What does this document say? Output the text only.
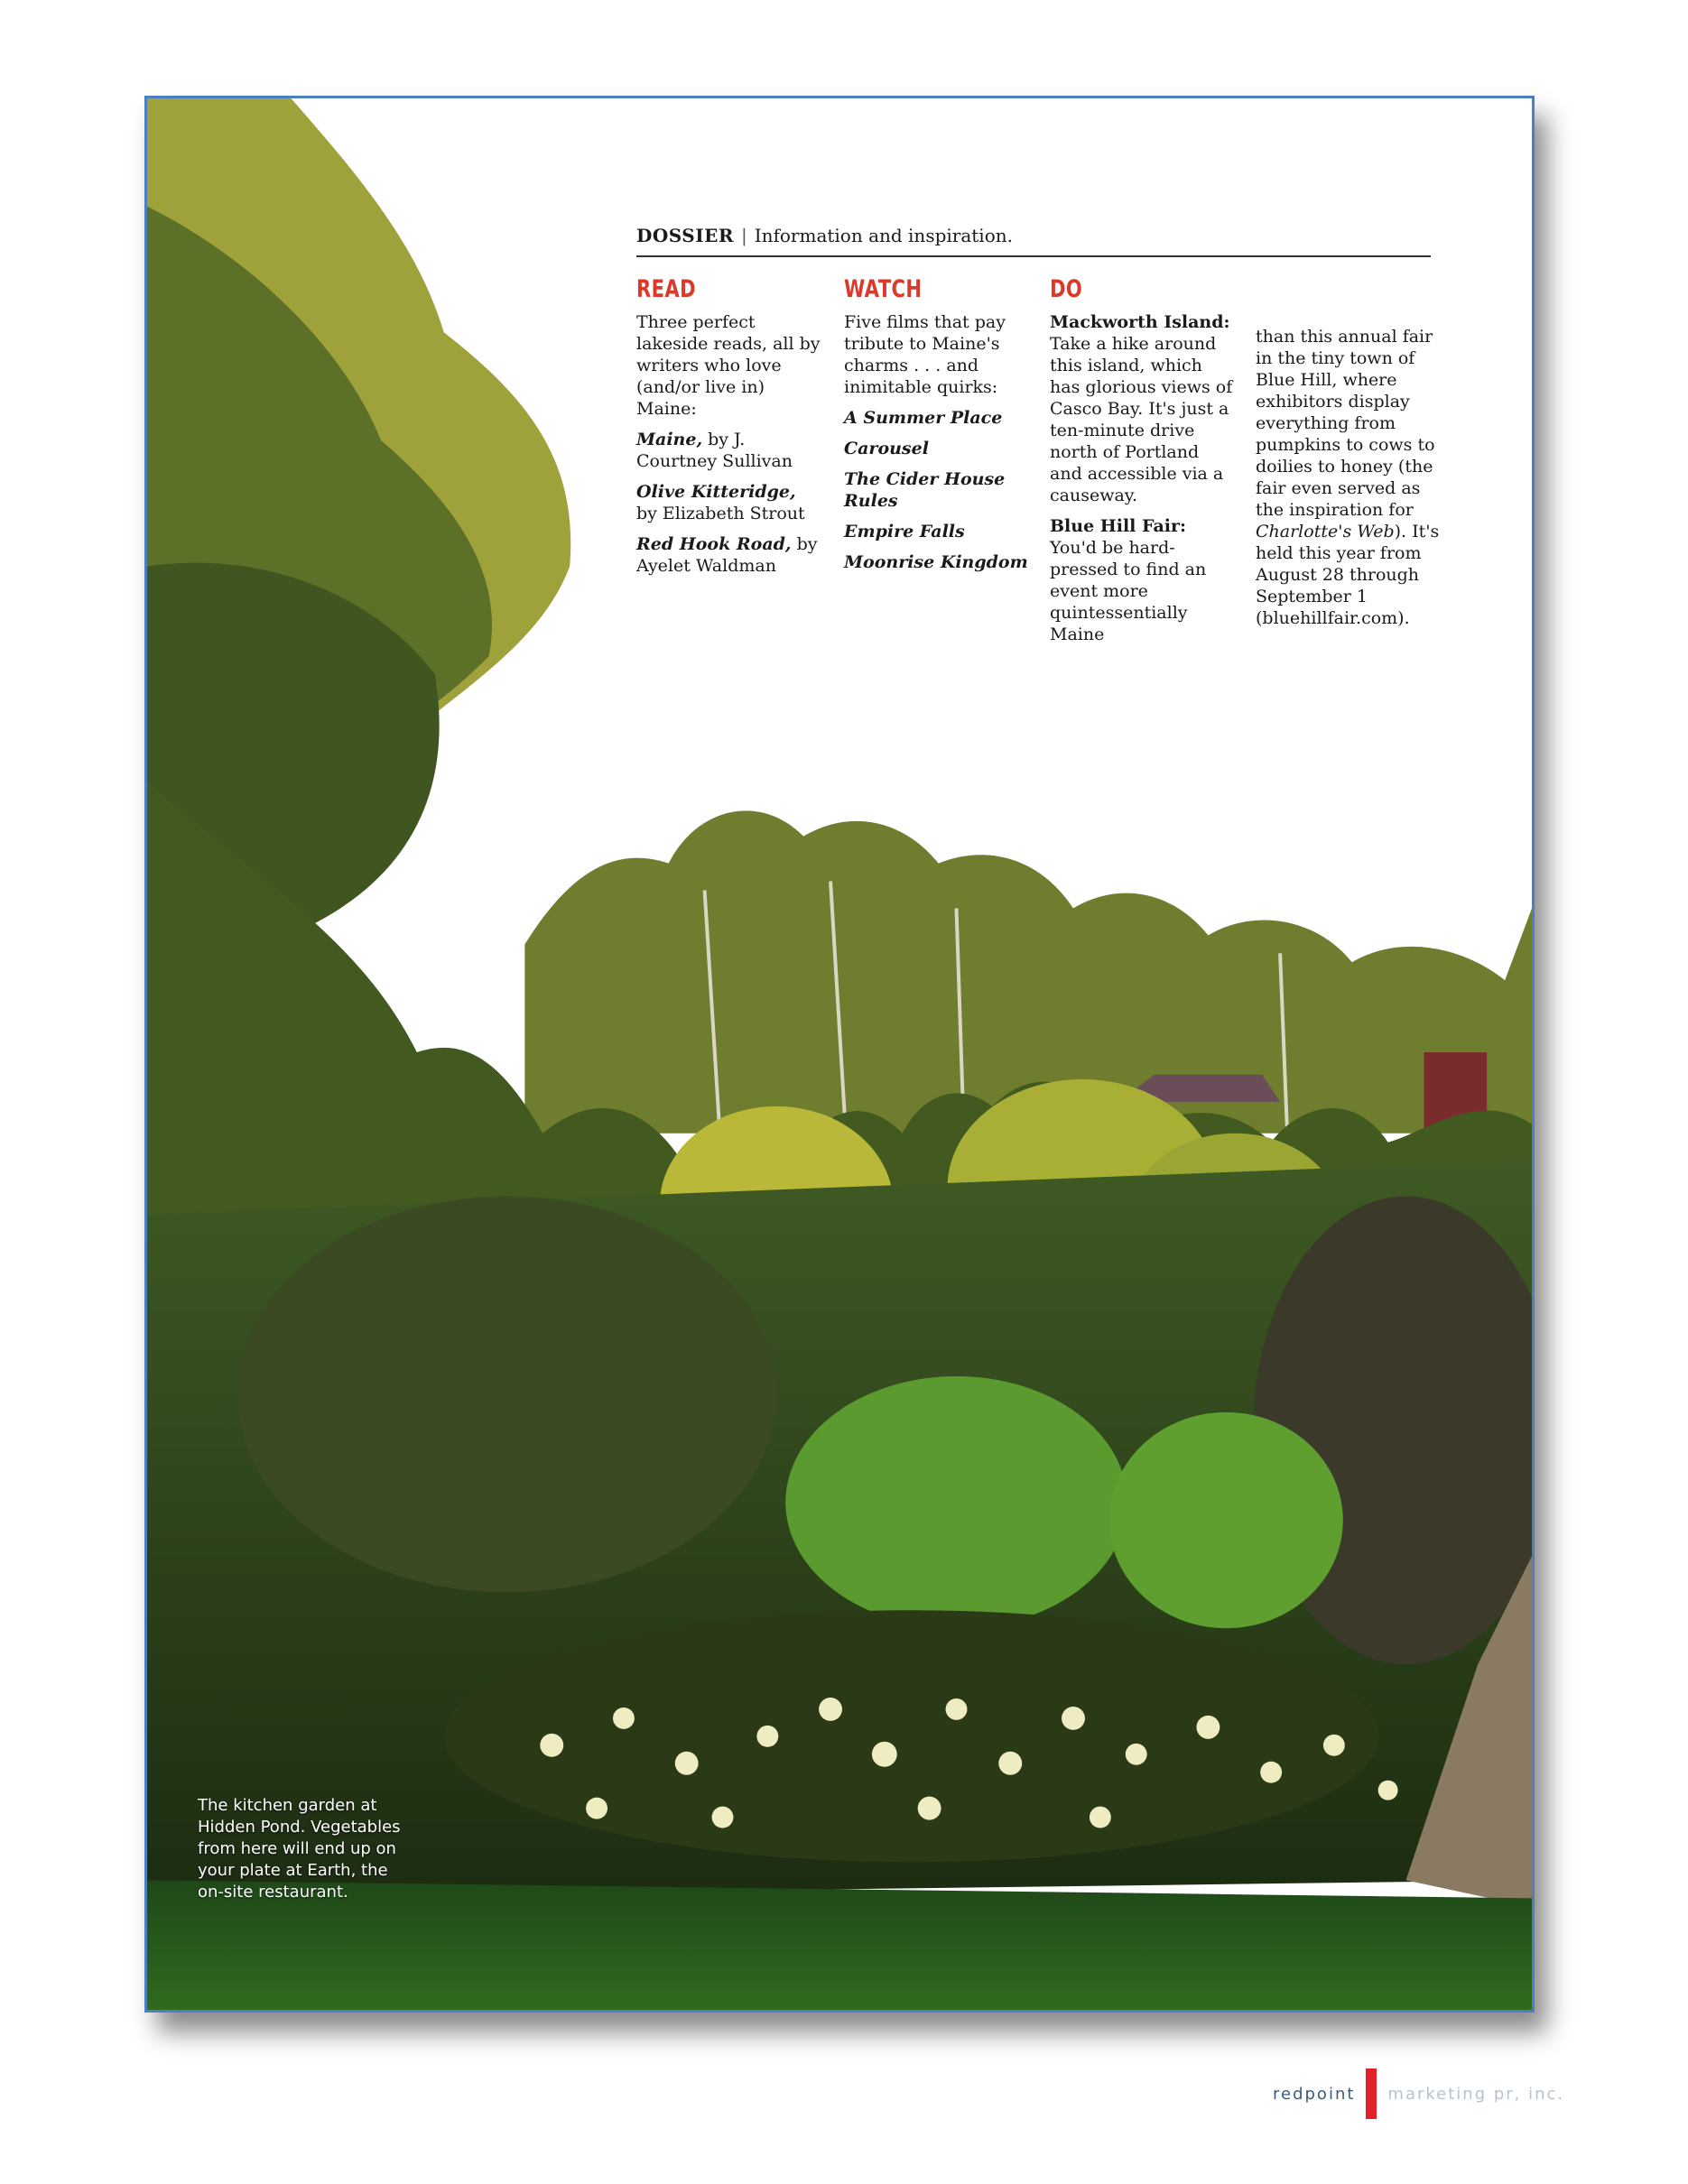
DOSSIER | Information and inspiration.
READ

Three perfect lakeside reads, all by writers who love (and/or live in) Maine:

Maine, by J. Courtney Sullivan

Olive Kitteridge, by Elizabeth Strout

Red Hook Road, by Ayelet Waldman

WATCH

Five films that pay tribute to Maine's charms . . . and inimitable quirks:

A Summer Place

Carousel

The Cider House Rules

Empire Falls

Moonrise Kingdom

DO

Mackworth Island: Take a hike around this island, which has glorious views of Casco Bay. It's just a ten-minute drive north of Portland and accessible via a causeway.

Blue Hill Fair: You'd be hard-pressed to find an event more quintessentially Maine

than this annual fair in the tiny town of Blue Hill, where exhibitors display everything from pumpkins to cows to doilies to honey (the fair even served as the inspiration for Charlotte's Web). It's held this year from August 28 through September 1 (bluehillfair.com).

The kitchen garden at Hidden Pond. Vegetables from here will end up on your plate at Earth, the on-site restaurant.
redpoint marketing pr, inc.
